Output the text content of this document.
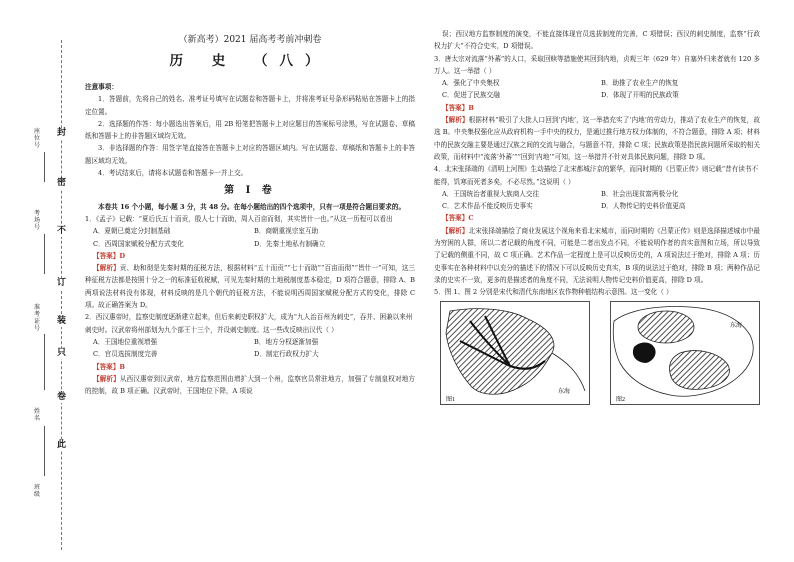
封
密
不
订
装
只
卷
此
座位号
考场号
准考证号
姓名
班级
（新高考）2021 届高考考前冲刺卷
历 史 （八）
注意事项：

1．答题前，先将自己的姓名、准考证号填写在试题卷和答题卡上，并将准考证号条形码粘贴在答题卡上的指定位置。

2．选择题的作答：每小题选出答案后，用 2B 铅笔把答题卡上对应题目的答案标号涂黑，写在试题卷、草稿纸和答题卡上的非答题区域均无效。

3．非选择题的作答：用签字笔直接答在答题卡上对应的答题区域内。写在试题卷、草稿纸和答题卡上的非答题区域均无效。

4．考试结束后，请将本试题卷和答题卡一并上交。

第 Ⅰ 卷

本卷共 16 个小题，每小题 3 分，共 48 分。在每小题给出的四个选项中，只有一项是符合题目要求的。

1．《孟子》记载：“夏后氏五十而贡，殷人七十而助，周人百亩而彻，其实皆什一也。”从这一历程可以看出

A．夏朝已奠定分封制基础	B．商朝重视宗室互助
C．西周国家赋税分配方式变化	D．先秦土地私有制确立
【答案】D

【解析】贡、助和彻是先秦时期的征税方法，根据材料“五十而贡”“七十而助”“百亩而彻”“皆什一”可知，这三种征税方法都是按照十分之一的标准征收税赋，可见先秦时期的土地税制度基本稳定，D 项符合题意，排除 A、B 两项说法材料没有体现，材料反映的是几个朝代的征税方法，不能说明西周国家赋税分配方式的变化，排除 C 项。故正确答案为 D。

2．西汉惠帝时，监察史制度逐渐建立起来，但后来刺史职权扩大，成为“九人治百州为刺史”，吞并、困兼以来州刺史时。汉武帝将州部划为九个部王十三个，并设刺史制度。这一些改反映出汉代（ ）

A．王国地位重视增强	B．地方分权逐渐加强
C．官员选拔制度完善	D．制定行政权力扩大
【答案】B

【解析】从西汉惠帝到汉武帝，地方监察范围由增扩大到一个州，监察官员常驻地方，加强了专制皇权对地方的控制，故 B 项正确。汉武帝时，王国地位下降，A 项说

误；西汉地方监察制度的演变，不能直接体现官员选拔制度的完善，C 项错误；西汉的刺史制度，监察“行政权力扩大”不符合史实，D 项错误。

3．唐太宗对流落“外蕃”的人口，采取回赎等措施使其回到内地，贞观三年（629 年）自塞外归来者就有 120 多万人。这一举措（ ）

A．强化了中央集权	B．助推了农业生产的恢复
C．促进了民族交融	D．体现了开明的民族政策
【答案】B

【解析】根据材料“吸引了大批人口回到‘内地’，这一举措充实了‘内地’的劳动力，推动了农业生产的恢复，故选 B。中央集权强化应从政府机构一手中央的权力，是通过推行地方权力体制的，不符合题意，排除 A 项；材料中的民族交融主要是通过汉族之间的交流与融合，与题意不符，排除 C 项；民族政策是指民族问题所采取的相关政策，而材料中“流落‘外蕃’”“回到‘内地’”可知，这一举措并不针对具体民族问题，排除 D 项。

4．北宋张择端的《清明上河图》生动描绘了北宋都城汴京的繁华，而同时期的《吕蒙正传》则记载“昔有读书不能得，饥寒而死者多矣，不必尽然。”这说明（ ）

A．王国统治者重视大族商人交往	B．社会出现贫富两极分化
C．艺术作品不能反映历史事实	D．人物传记的史料价值更高
【答案】C

【解析】北宋张择端描绘了商业发展这个视角来看北宋城市，而同时期的《吕蒙正传》则是选择描述城市中最为穷困的人群，所以二者记载的角度不同，可能是二者出发点不同，不能说明作者的真实意图和立场，所以导致了记载的侧重不同，故 C 项正确。艺术作品一定程度上是可以反映历史的，A 项说法过于绝对，排除 A 项；历史事实在各种材料中以充分的描述下的情况下可以反映历史真实，B 项的说法过于绝对，排除 B 项；两种作品记录的史实不一致，更多的是描述者的角度不同，无法说明人物传记史料价值更高，排除 D 项。

5．图 1、图 2 分别是宋代和清代东南地区农作物种植结构示意图。这一变化（ ）

东海
图1
东海
图2
